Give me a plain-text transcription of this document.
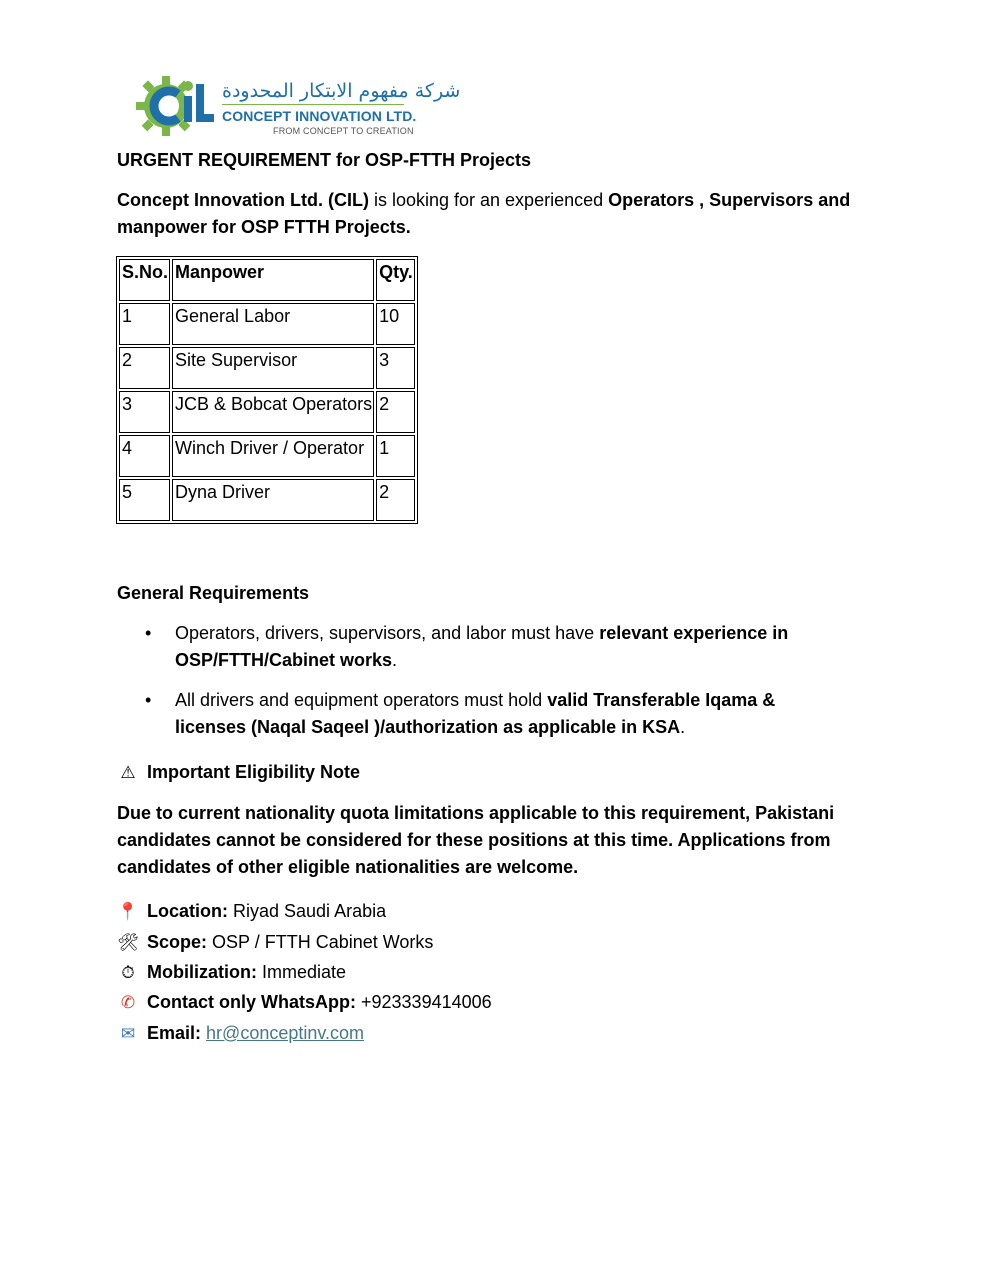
شركة مفهوم الابتكار المحدودة
CONCEPT INNOVATION LTD.
FROM CONCEPT TO CREATION
URGENT REQUIREMENT for OSP-FTTH Projects
Concept Innovation Ltd. (CIL) is looking for an experienced Operators , Supervisors and manpower for OSP FTTH Projects.
S.No.	Manpower	Qty.
1	General Labor	10
2	Site Supervisor	3
3	JCB & Bobcat Operators	2
4	Winch Driver / Operator	1
5	Dyna Driver	2
General Requirements
• Operators, drivers, supervisors, and labor must have relevant experience in OSP/FTTH/Cabinet works.
• All drivers and equipment operators must hold valid Transferable Iqama & licenses (Naqal Saqeel )/authorization as applicable in KSA.
⚠ Important Eligibility Note
Due to current nationality quota limitations applicable to this requirement, Pakistani candidates cannot be considered for these positions at this time. Applications from candidates of other eligible nationalities are welcome.
📍 Location: Riyad Saudi Arabia
🛠 Scope: OSP / FTTH Cabinet Works
⏱ Mobilization: Immediate
✆ Contact only WhatsApp: +923339414006
✉ Email: hr@conceptinv.com
